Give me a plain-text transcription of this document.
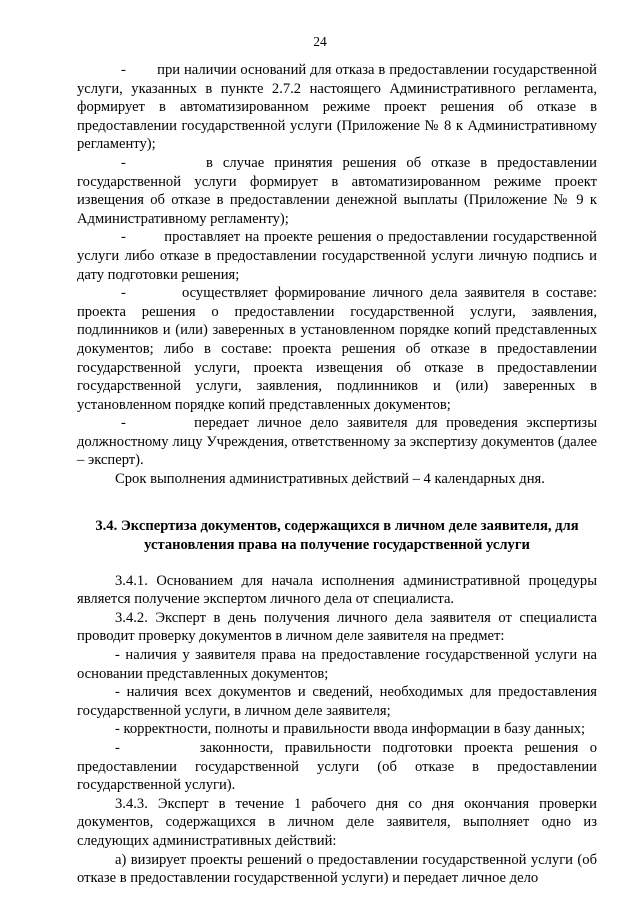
24

-        при наличии оснований для отказа в предоставлении государственной услуги, указанных в пункте 2.7.2 настоящего Административного регламента, формирует в автоматизированном режиме проект решения об отказе в предоставлении государственной услуги (Приложение № 8 к Административному регламенту);

-        в случае принятия решения об отказе в предоставлении государственной услуги формирует в автоматизированном режиме проект извещения об отказе в предоставлении денежной выплаты (Приложение № 9 к Административному регламенту);

-        проставляет на проекте решения о предоставлении государственной услуги либо отказе в предоставлении государственной услуги личную подпись и дату подготовки решения;

-        осуществляет формирование личного дела заявителя в составе: проекта решения о предоставлении государственной услуги, заявления, подлинников и (или) заверенных в установленном порядке копий представленных документов; либо в составе: проекта решения об отказе в предоставлении государственной услуги, проекта извещения об отказе в предоставлении государственной услуги, заявления, подлинников и (или) заверенных в установленном порядке копий представленных документов;

-        передает личное дело заявителя для проведения экспертизы должностному лицу Учреждения, ответственному за экспертизу документов (далее – эксперт).

Срок выполнения административных действий – 4 календарных дня.

3.4. Экспертиза документов, содержащихся в личном деле заявителя, для установления права на получение государственной услуги

3.4.1. Основанием для начала исполнения административной процедуры является получение экспертом личного дела от специалиста.

3.4.2. Эксперт в день получения личного дела заявителя от специалиста проводит проверку документов в личном деле заявителя на предмет:

- наличия у заявителя права на предоставление государственной услуги на основании представленных документов;

- наличия всех документов и сведений, необходимых для предоставления государственной услуги, в личном деле заявителя;

- корректности, полноты и правильности ввода информации в базу данных;

-       законности, правильности подготовки проекта решения о предоставлении государственной услуги (об отказе в предоставлении государственной услуги).

3.4.3. Эксперт в течение 1 рабочего дня со дня окончания проверки документов, содержащихся в личном деле заявителя, выполняет одно из следующих административных действий:

а) визирует проекты решений о предоставлении государственной услуги (об отказе в предоставлении государственной услуги) и передает личное дело
